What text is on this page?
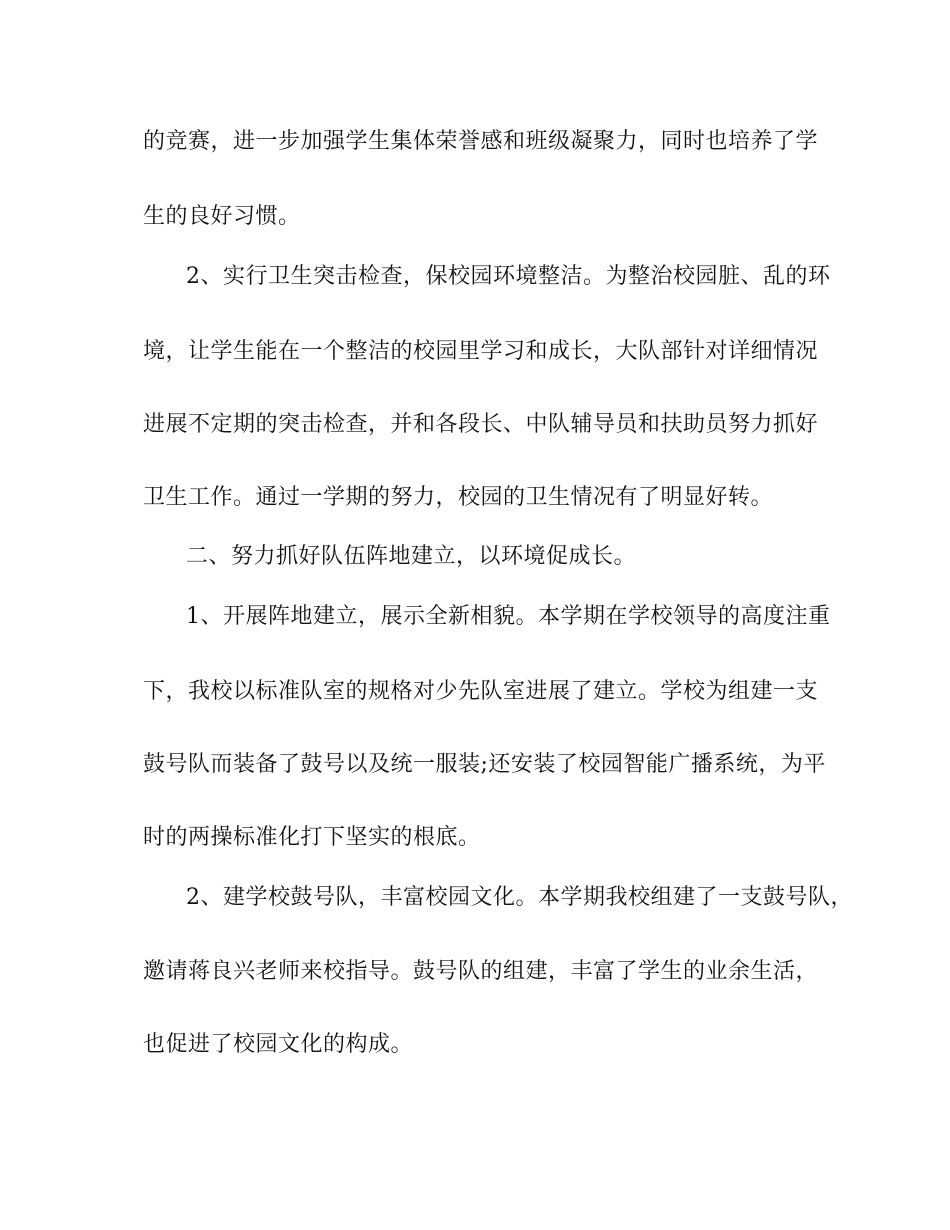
的竞赛，进一步加强学生集体荣誉感和班级凝聚力，同时也培养了学
生的良好习惯。
2、实行卫生突击检查，保校园环境整洁。为整治校园脏、乱的环
境，让学生能在一个整洁的校园里学习和成长，大队部针对详细情况
进展不定期的突击检查，并和各段长、中队辅导员和扶助员努力抓好
卫生工作。通过一学期的努力，校园的卫生情况有了明显好转。
二、努力抓好队伍阵地建立，以环境促成长。
1、开展阵地建立，展示全新相貌。本学期在学校领导的高度注重
下，我校以标准队室的规格对少先队室进展了建立。学校为组建一支
鼓号队而装备了鼓号以及统一服装;还安装了校园智能广播系统，为平
时的两操标准化打下坚实的根底。
2、建学校鼓号队，丰富校园文化。本学期我校组建了一支鼓号队，
邀请蒋良兴老师来校指导。鼓号队的组建，丰富了学生的业余生活，
也促进了校园文化的构成。
